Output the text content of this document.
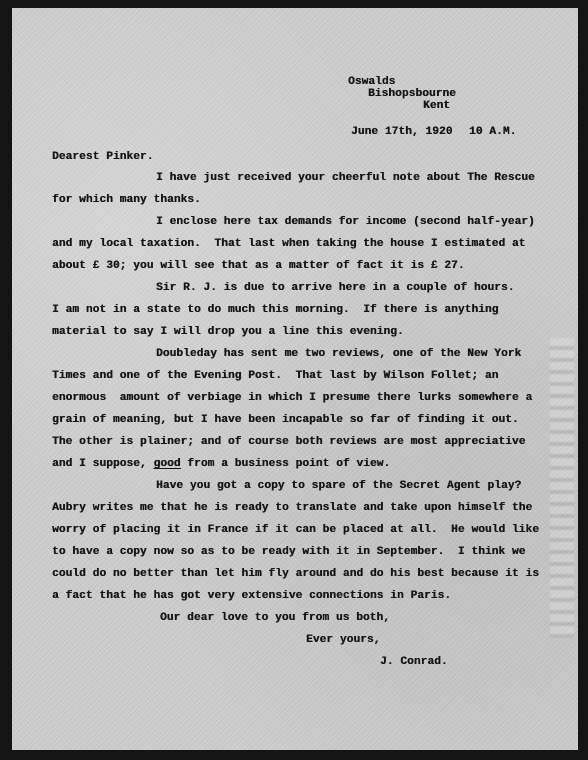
Oswalds
Bishopsbourne
Kent
June 17th, 1920 10 A.M.
Dearest Pinker.
I have just received your cheerful note about The Rescue
for which many thanks.
I enclose here tax demands for income (second half-year)
and my local taxation.  That last when taking the house I estimated at
about £ 30; you will see that as a matter of fact it is £ 27.
Sir R. J. is due to arrive here in a couple of hours.
I am not in a state to do much this morning.  If there is anything
material to say I will drop you a line this evening.
Doubleday has sent me two reviews, one of the New York
Times and one of the Evening Post.  That last by Wilson Follet; an
enormous  amount of verbiage in which I presume there lurks somewhere a
grain of meaning, but I have been incapable so far of finding it out.
The other is plainer; and of course both reviews are most appreciative
and I suppose, good from a business point of view.
Have you got a copy to spare of the Secret Agent play?
Aubry writes me that he is ready to translate and take upon himself the
worry of placing it in France if it can be placed at all.  He would like
to have a copy now so as to be ready with it in September.  I think we
could do no better than let him fly around and do his best because it is
a fact that he has got very extensive connections in Paris.
Our dear love to you from us both,
Ever yours,
J. Conrad.
